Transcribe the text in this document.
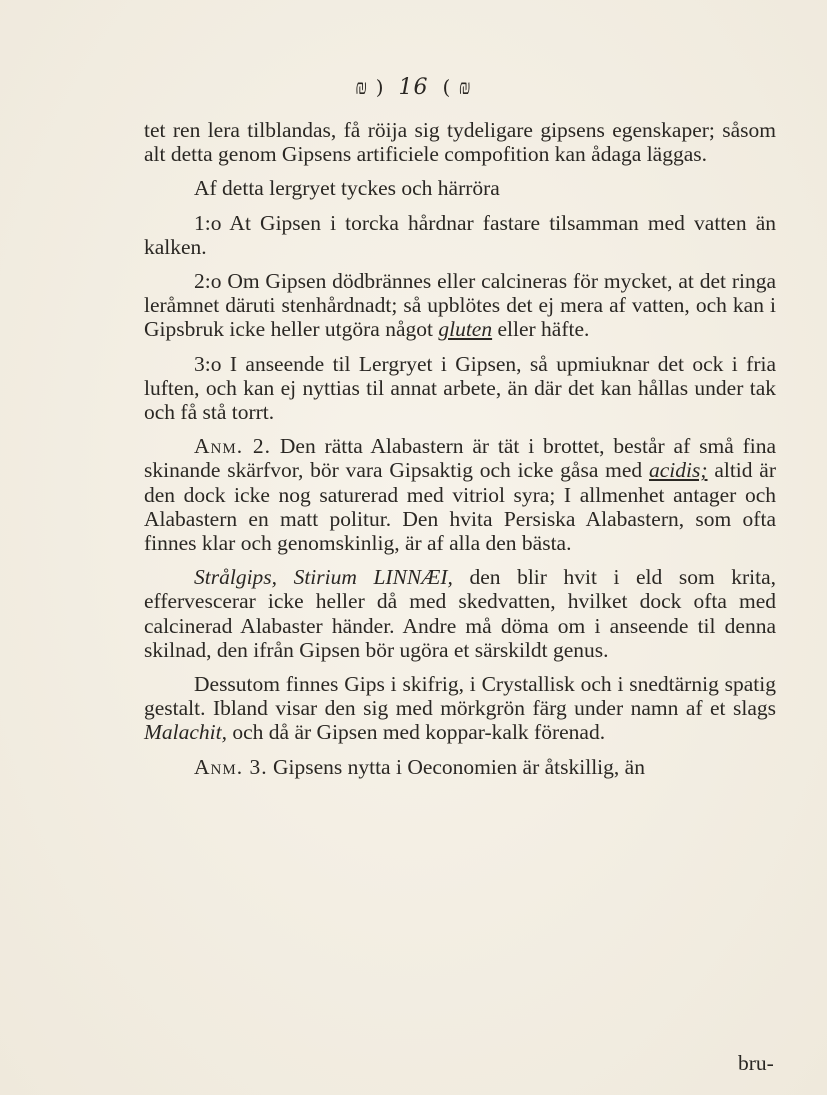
₪ ) 16 ( ₪

tet ren lera tilblandas, få röija sig tydeligare gipsens egenskaper; såsom alt detta genom Gipsens artificiele compofition kan ådaga läggas.

Af detta lergryet tyckes och härröra

1:o At Gipsen i torcka hårdnar fastare tilsamman med vatten än kalken.

2:o Om Gipsen dödbrännes eller calcineras för mycket, at det ringa leråmnet däruti stenhårdnadt; så upblötes det ej mera af vatten, och kan i Gipsbruk icke heller utgöra något gluten eller häfte.

3:o I anseende til Lergryet i Gipsen, så upmiuknar det ock i fria luften, och kan ej nyttias til annat arbete, än där det kan hållas under tak och få stå torrt.

Anm. 2. Den rätta Alabastern är tät i brottet, består af små fina skinande skärfvor, bör vara Gipsaktig och icke gåsa med acidis; altid är den dock icke nog saturerad med vitriol syra; I allmenhet antager och Alabastern en matt politur. Den hvita Persiska Alabastern, som ofta finnes klar och genomskinlig, är af alla den bästa.

Strålgips, Stirium LINNÆI, den blir hvit i eld som krita, effervescerar icke heller då med skedvatten, hvilket dock ofta med calcinerad Alabaster händer. Andre må döma om i anseende til denna skilnad, den ifrån Gipsen bör ugöra et särskildt genus.

Dessutom finnes Gips i skifrig, i Crystallisk och i snedtärnig spatig gestalt. Ibland visar den sig med mörkgrön färg under namn af et slags Malachit, och då är Gipsen med koppar-kalk förenad.

Anm. 3. Gipsens nytta i Oeconomien är åtskillig, än

bru-
